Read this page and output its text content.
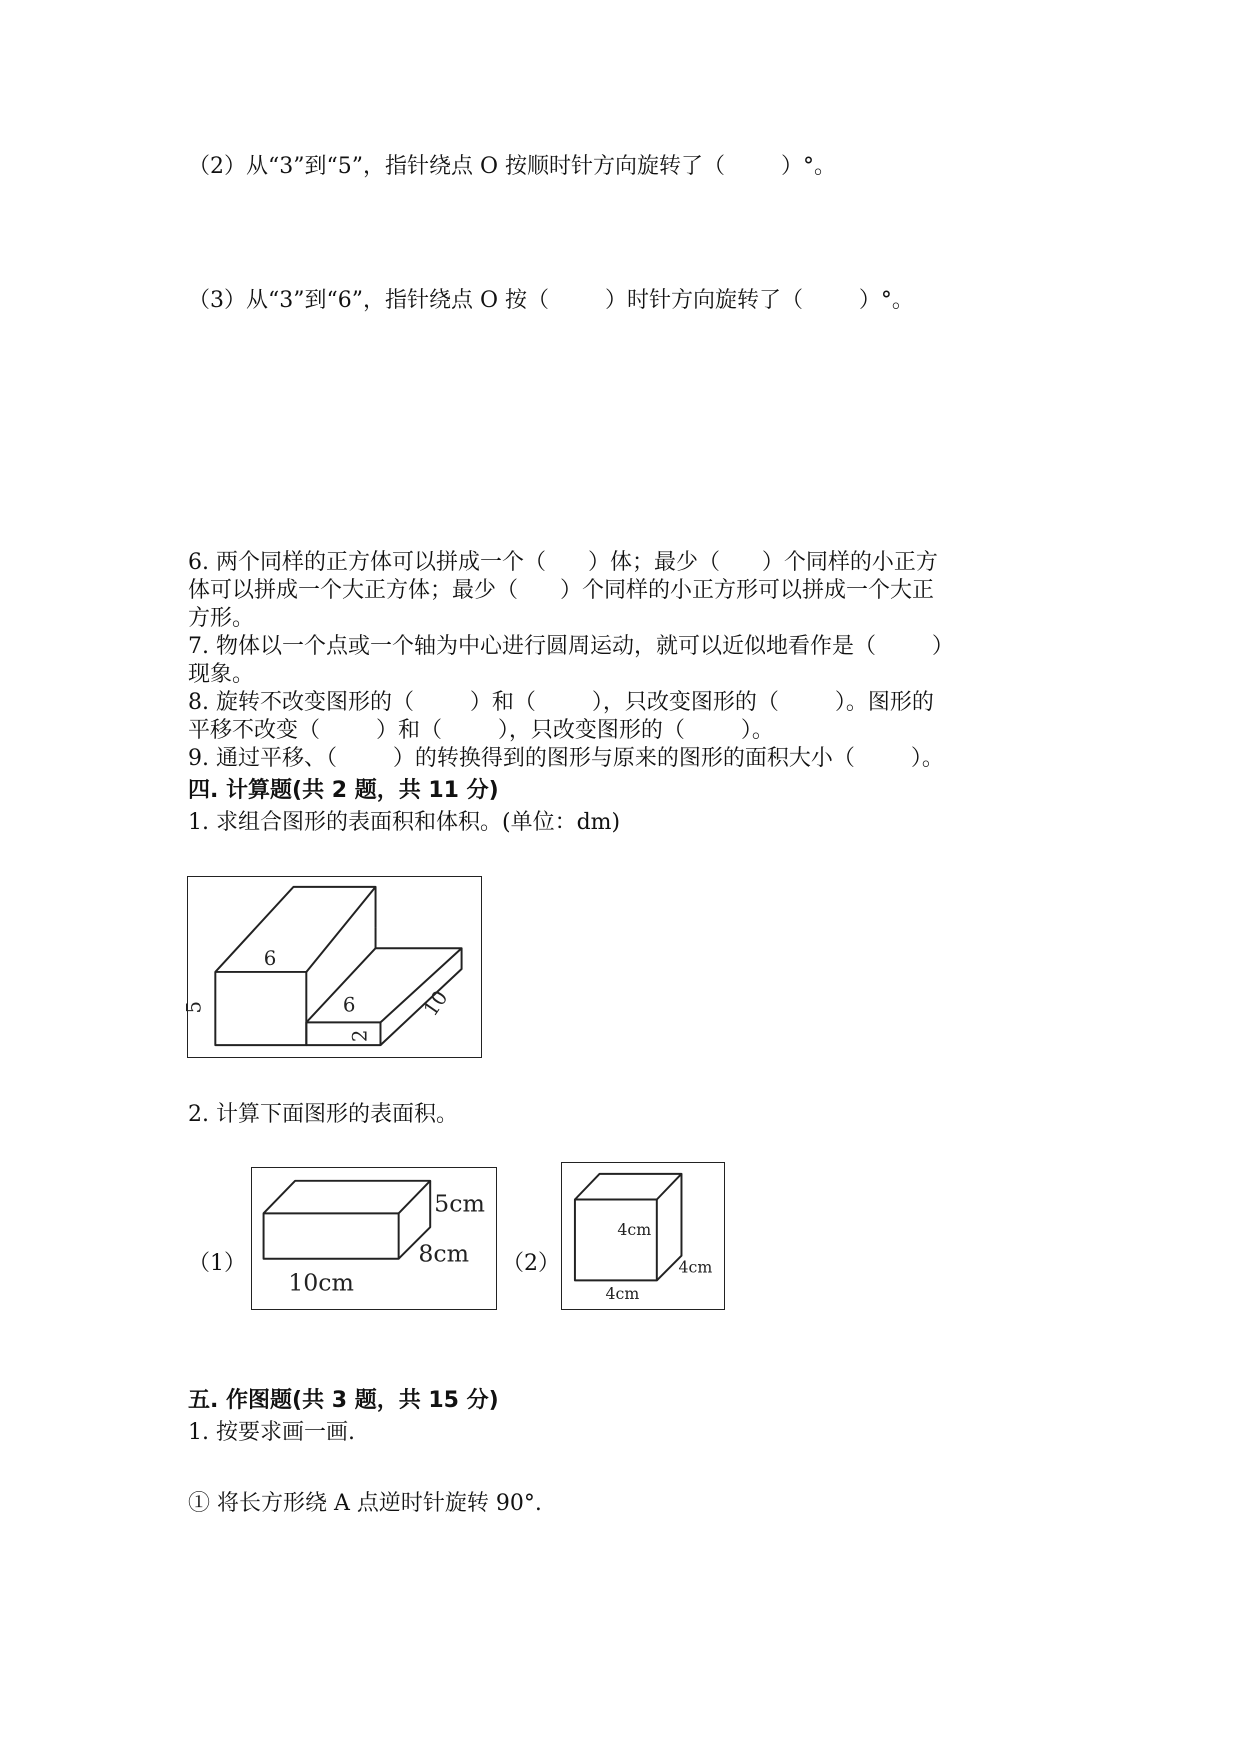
（2）从“3”到“5”，指针绕点 O 按顺时针方向旋转了（        ）°。
（3）从“3”到“6”，指针绕点 O 按（        ）时针方向旋转了（        ）°。
6. 两个同样的正方体可以拼成一个（      ）体；最少（      ）个同样的小正方
体可以拼成一个大正方体；最少（      ）个同样的小正方形可以拼成一个大正
方形。
7. 物体以一个点或一个轴为中心进行圆周运动，就可以近似地看作是（        ）
现象。
8. 旋转不改变图形的（        ）和（        ），只改变图形的（        ）。图形的
平移不改变（        ）和（        ），只改变图形的（        ）。
9. 通过平移、（        ）的转换得到的图形与原来的图形的面积大小（        ）。
四. 计算题(共 2 题，共 11 分)
1. 求组合图形的表面积和体积。(单位：dm)
6
5	6
2
10
2. 计算下面图形的表面积。
（1）	（2）
5cm
8cm
10cm
4cm
4cm
4cm
五. 作图题(共 3 题，共 15 分)
1. 按要求画一画.
① 将长方形绕 A 点逆时针旋转 90°.
